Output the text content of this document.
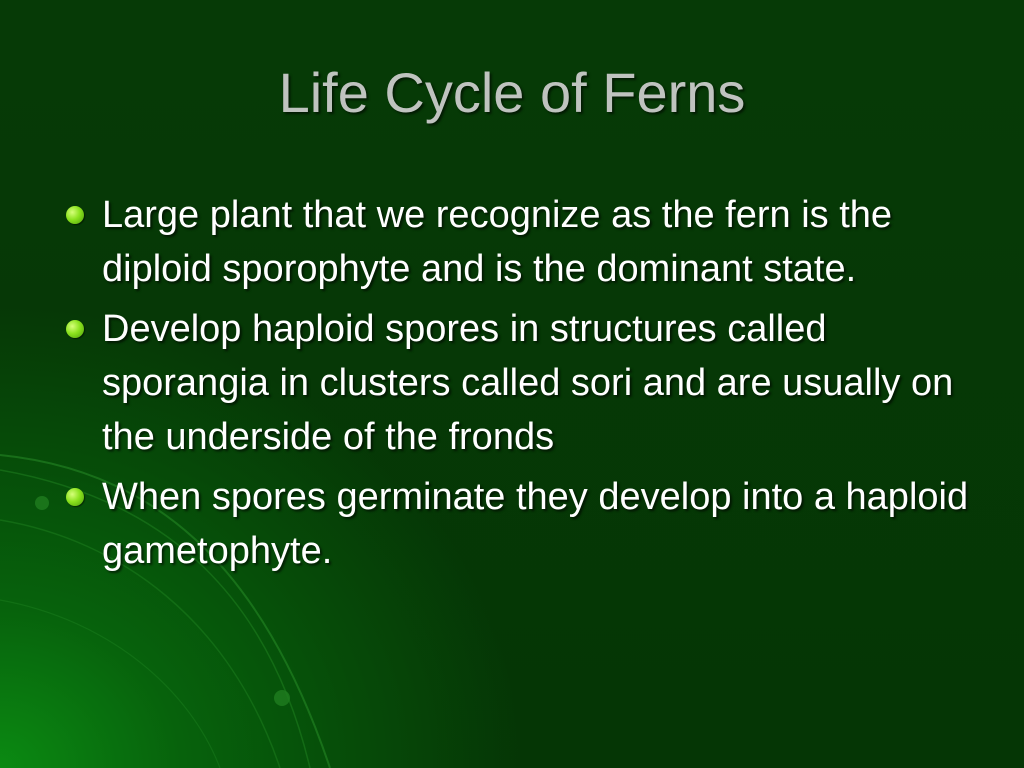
Life Cycle of Ferns
Large plant that we recognize as the fern is the diploid sporophyte and is the dominant state.
Develop haploid spores in structures called sporangia in clusters called sori and are usually on the underside of the fronds
When spores germinate they develop into a haploid gametophyte.
